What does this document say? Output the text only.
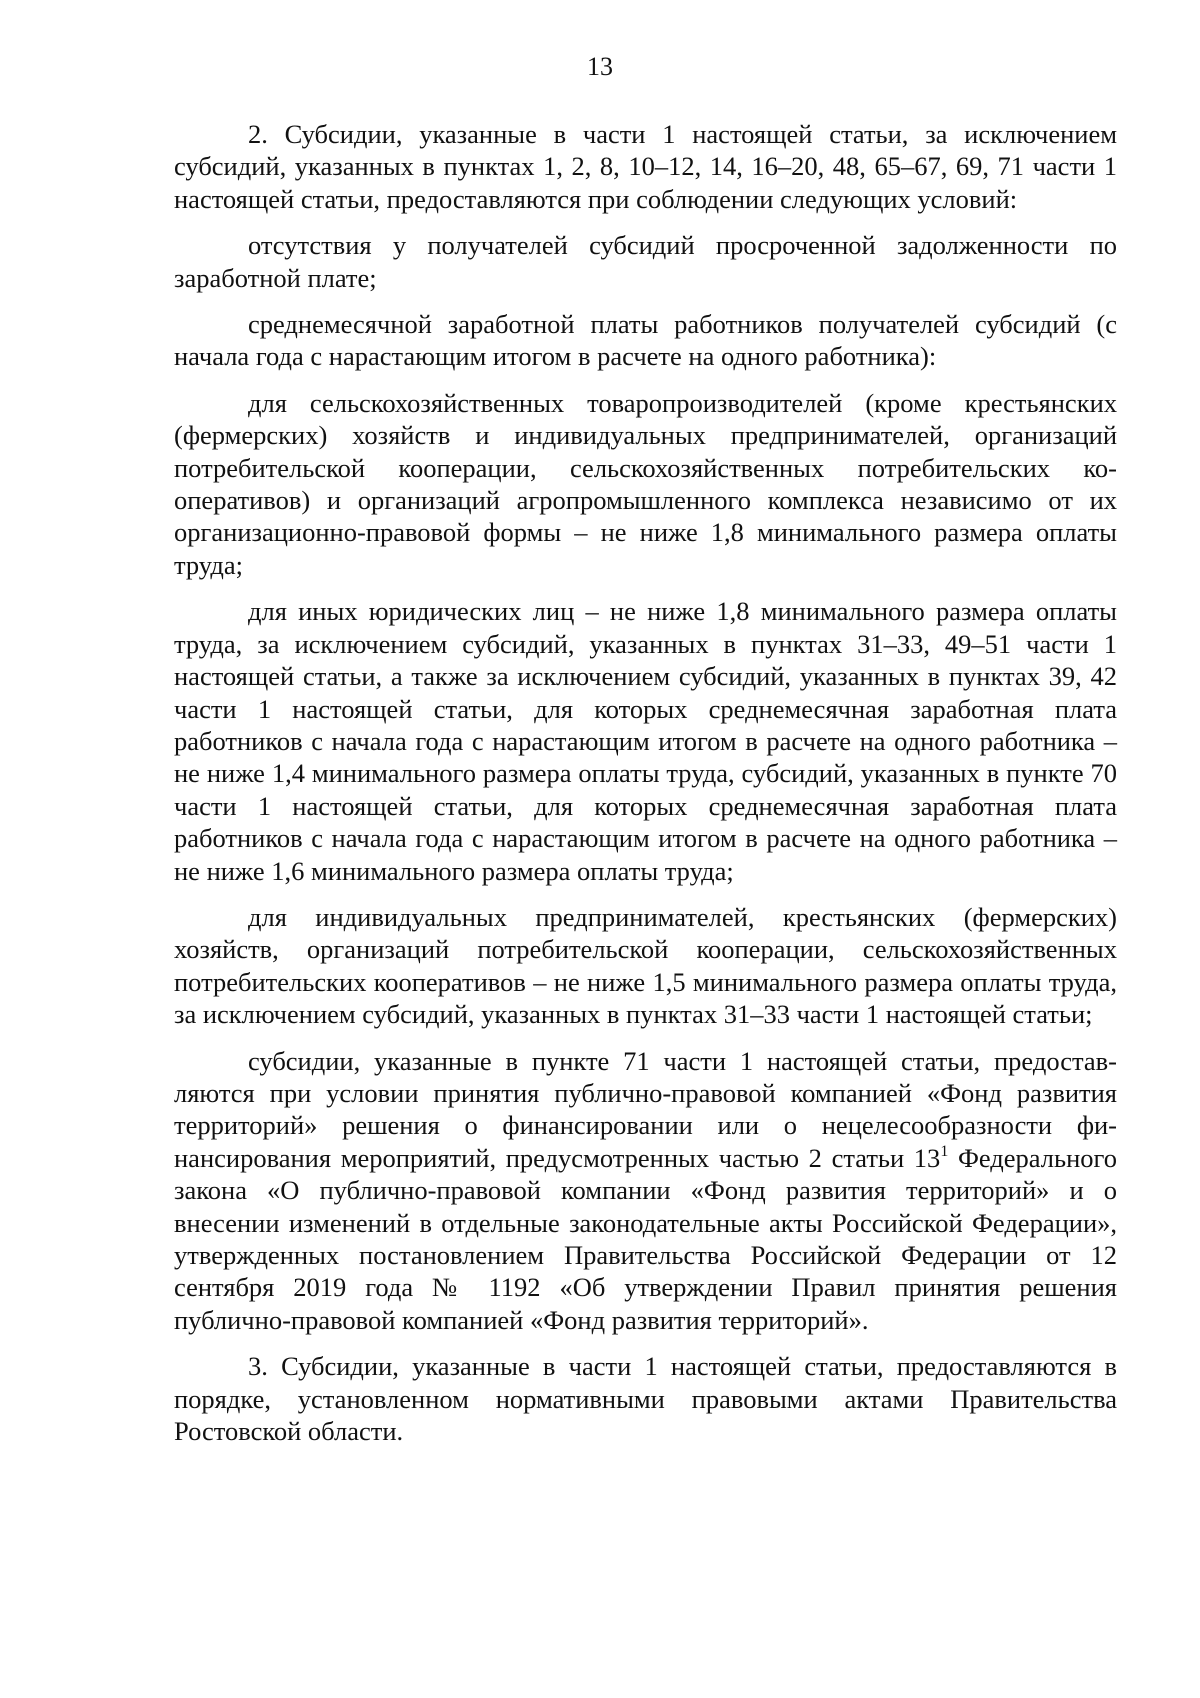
13

2. Субсидии, указанные в части 1 настоящей статьи, за исключением субсидий, указанных в пунктах 1, 2, 8, 10–12, 14, 16–20, 48, 65–67, 69, 71 части 1 настоящей статьи, предоставляются при соблюдении следующих условий:

отсутствия у получателей субсидий просроченной задолженности по заработной плате;

среднемесячной заработной платы работников получателей субсидий (с начала года с нарастающим итогом в расчете на одного работника):

для сельскохозяйственных товаропроизводителей (кроме крестьянских (фермерских) хозяйств и индивидуальных предпринимателей, организаций потребительской кооперации, сельскохозяйственных потребительских кооперативов) и организаций агропромышленного комплекса независимо от их организационно-правовой формы – не ниже 1,8 минимального размера оплаты труда;

для иных юридических лиц – не ниже 1,8 минимального размера оплаты труда, за исключением субсидий, указанных в пунктах 31–33, 49–51 части 1 настоящей статьи, а также за исключением субсидий, указанных в пунктах 39, 42 части 1 настоящей статьи, для которых среднемесячная заработная плата работников с начала года с нарастающим итогом в расчете на одного работника – не ниже 1,4 минимального размера оплаты труда, субсидий, указанных в пункте 70 части 1 настоящей статьи, для которых среднемесячная заработная плата работников с начала года с нарастающим итогом в расчете на одного работника – не ниже 1,6 минимального размера оплаты труда;

для индивидуальных предпринимателей, крестьянских (фермерских) хозяйств, организаций потребительской кооперации, сельскохозяйственных потребительских кооперативов – не ниже 1,5 минимального размера оплаты труда, за исключением субсидий, указанных в пунктах 31–33 части 1 настоящей статьи;

субсидии, указанные в пункте 71 части 1 настоящей статьи, предоставляются при условии принятия публично-правовой компанией «Фонд развития территорий» решения о финансировании или о нецелесообразности финансирования мероприятий, предусмотренных частью 2 статьи $13^1$ Федерального закона «О публично-правовой компании «Фонд развития территорий» и о внесении изменений в отдельные законодательные акты Российской Федерации», утвержденных постановлением Правительства Российской Федерации от 12 сентября 2019 года № 1192 «Об утверждении Правил принятия решения публично-правовой компанией «Фонд развития территорий».

3. Субсидии, указанные в части 1 настоящей статьи, предоставляются в порядке, установленном нормативными правовыми актами Правительства Ростовской области.
